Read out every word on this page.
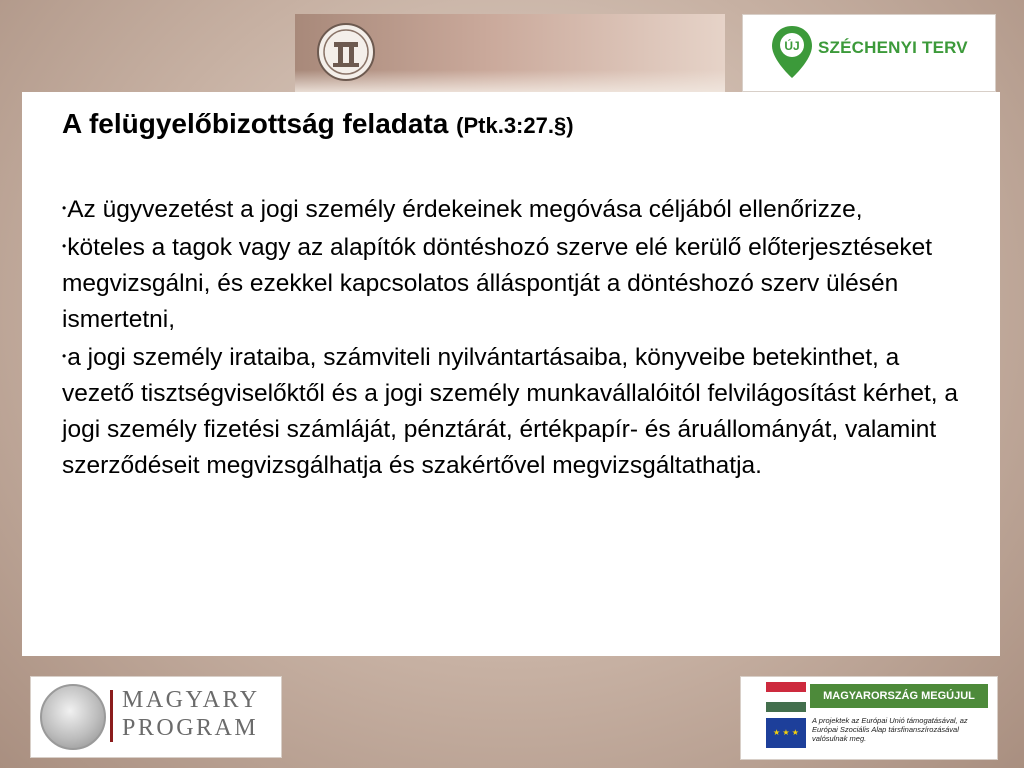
ÚJ SZÉCHENYI TERV
A felügyelőbizottság feladata (Ptk.3:27.§)

•Az ügyvezetést a jogi személy érdekeinek megóvása céljából ellenőrizze,

•köteles a tagok vagy az alapítók döntéshozó szerve elé kerülő előterjesztéseket megvizsgálni, és ezekkel kapcsolatos álláspontját a döntéshozó szerv ülésén ismertetni,

•a jogi személy irataiba, számviteli nyilvántartásaiba, könyveibe betekinthet, a vezető tisztségviselőktől és a jogi személy munkavállalóitól felvilágosítást kérhet, a jogi személy fizetési számláját, pénztárát, értékpapír- és áruállományát, valamint szerződéseit megvizsgálhatja és szakértővel megvizsgáltathatja.

MAGYARY
PROGRAM
MAGYARORSZÁG MEGÚJUL
★ ★ ★
A projektek az Európai Unió támogatásával, az Európai Szociális Alap társfinanszírozásával valósulnak meg.
